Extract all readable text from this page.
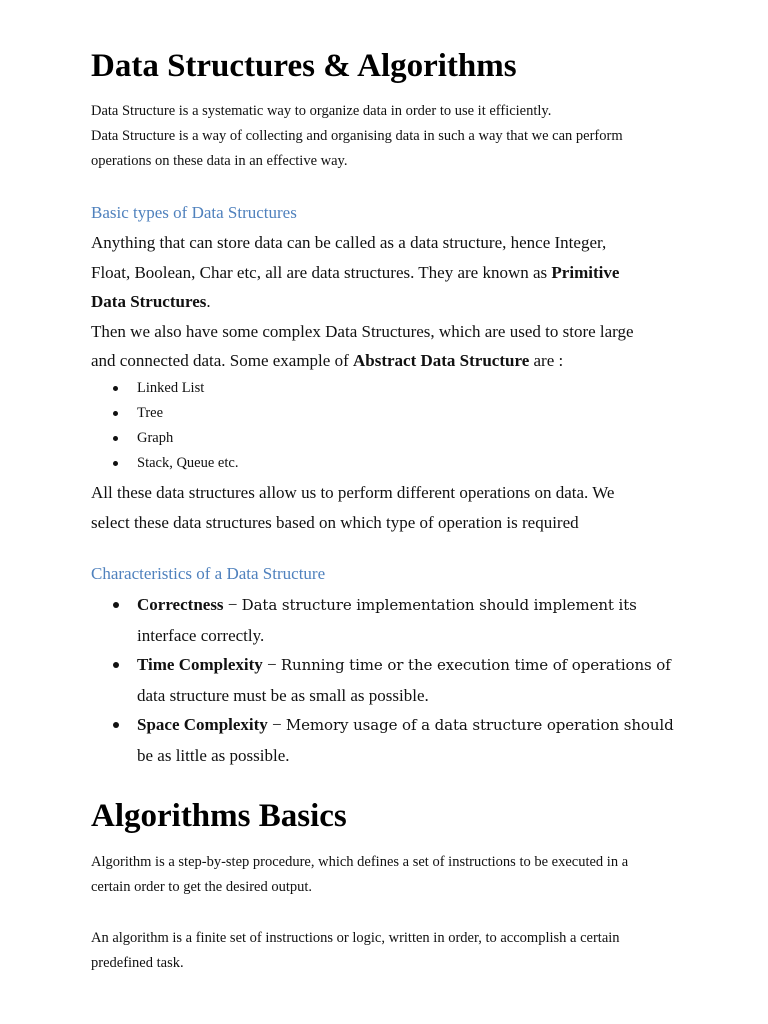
Data Structures & Algorithms
Data Structure is a systematic way to organize data in order to use it efficiently.
Data Structure is a way of collecting and organising data in such a way that we can perform
operations on these data in an effective way.
Basic types of Data Structures
Anything that can store data can be called as a data structure, hence Integer,
Float, Boolean, Char etc, all are data structures. They are known as Primitive
Data Structures.
Then we also have some complex Data Structures, which are used to store large
and connected data. Some example of Abstract Data Structure are :
Linked List
Tree
Graph
Stack, Queue etc.
All these data structures allow us to perform different operations on data. We
select these data structures based on which type of operation is required
Characteristics of a Data Structure
Correctness − Data structure implementation should implement its
interface correctly.
Time Complexity − Running time or the execution time of operations of
data structure must be as small as possible.
Space Complexity − Memory usage of a data structure operation should
be as little as possible.
Algorithms Basics
Algorithm is a step-by-step procedure, which defines a set of instructions to be executed in a
certain order to get the desired output.
An algorithm is a finite set of instructions or logic, written in order, to accomplish a certain
predefined task.
